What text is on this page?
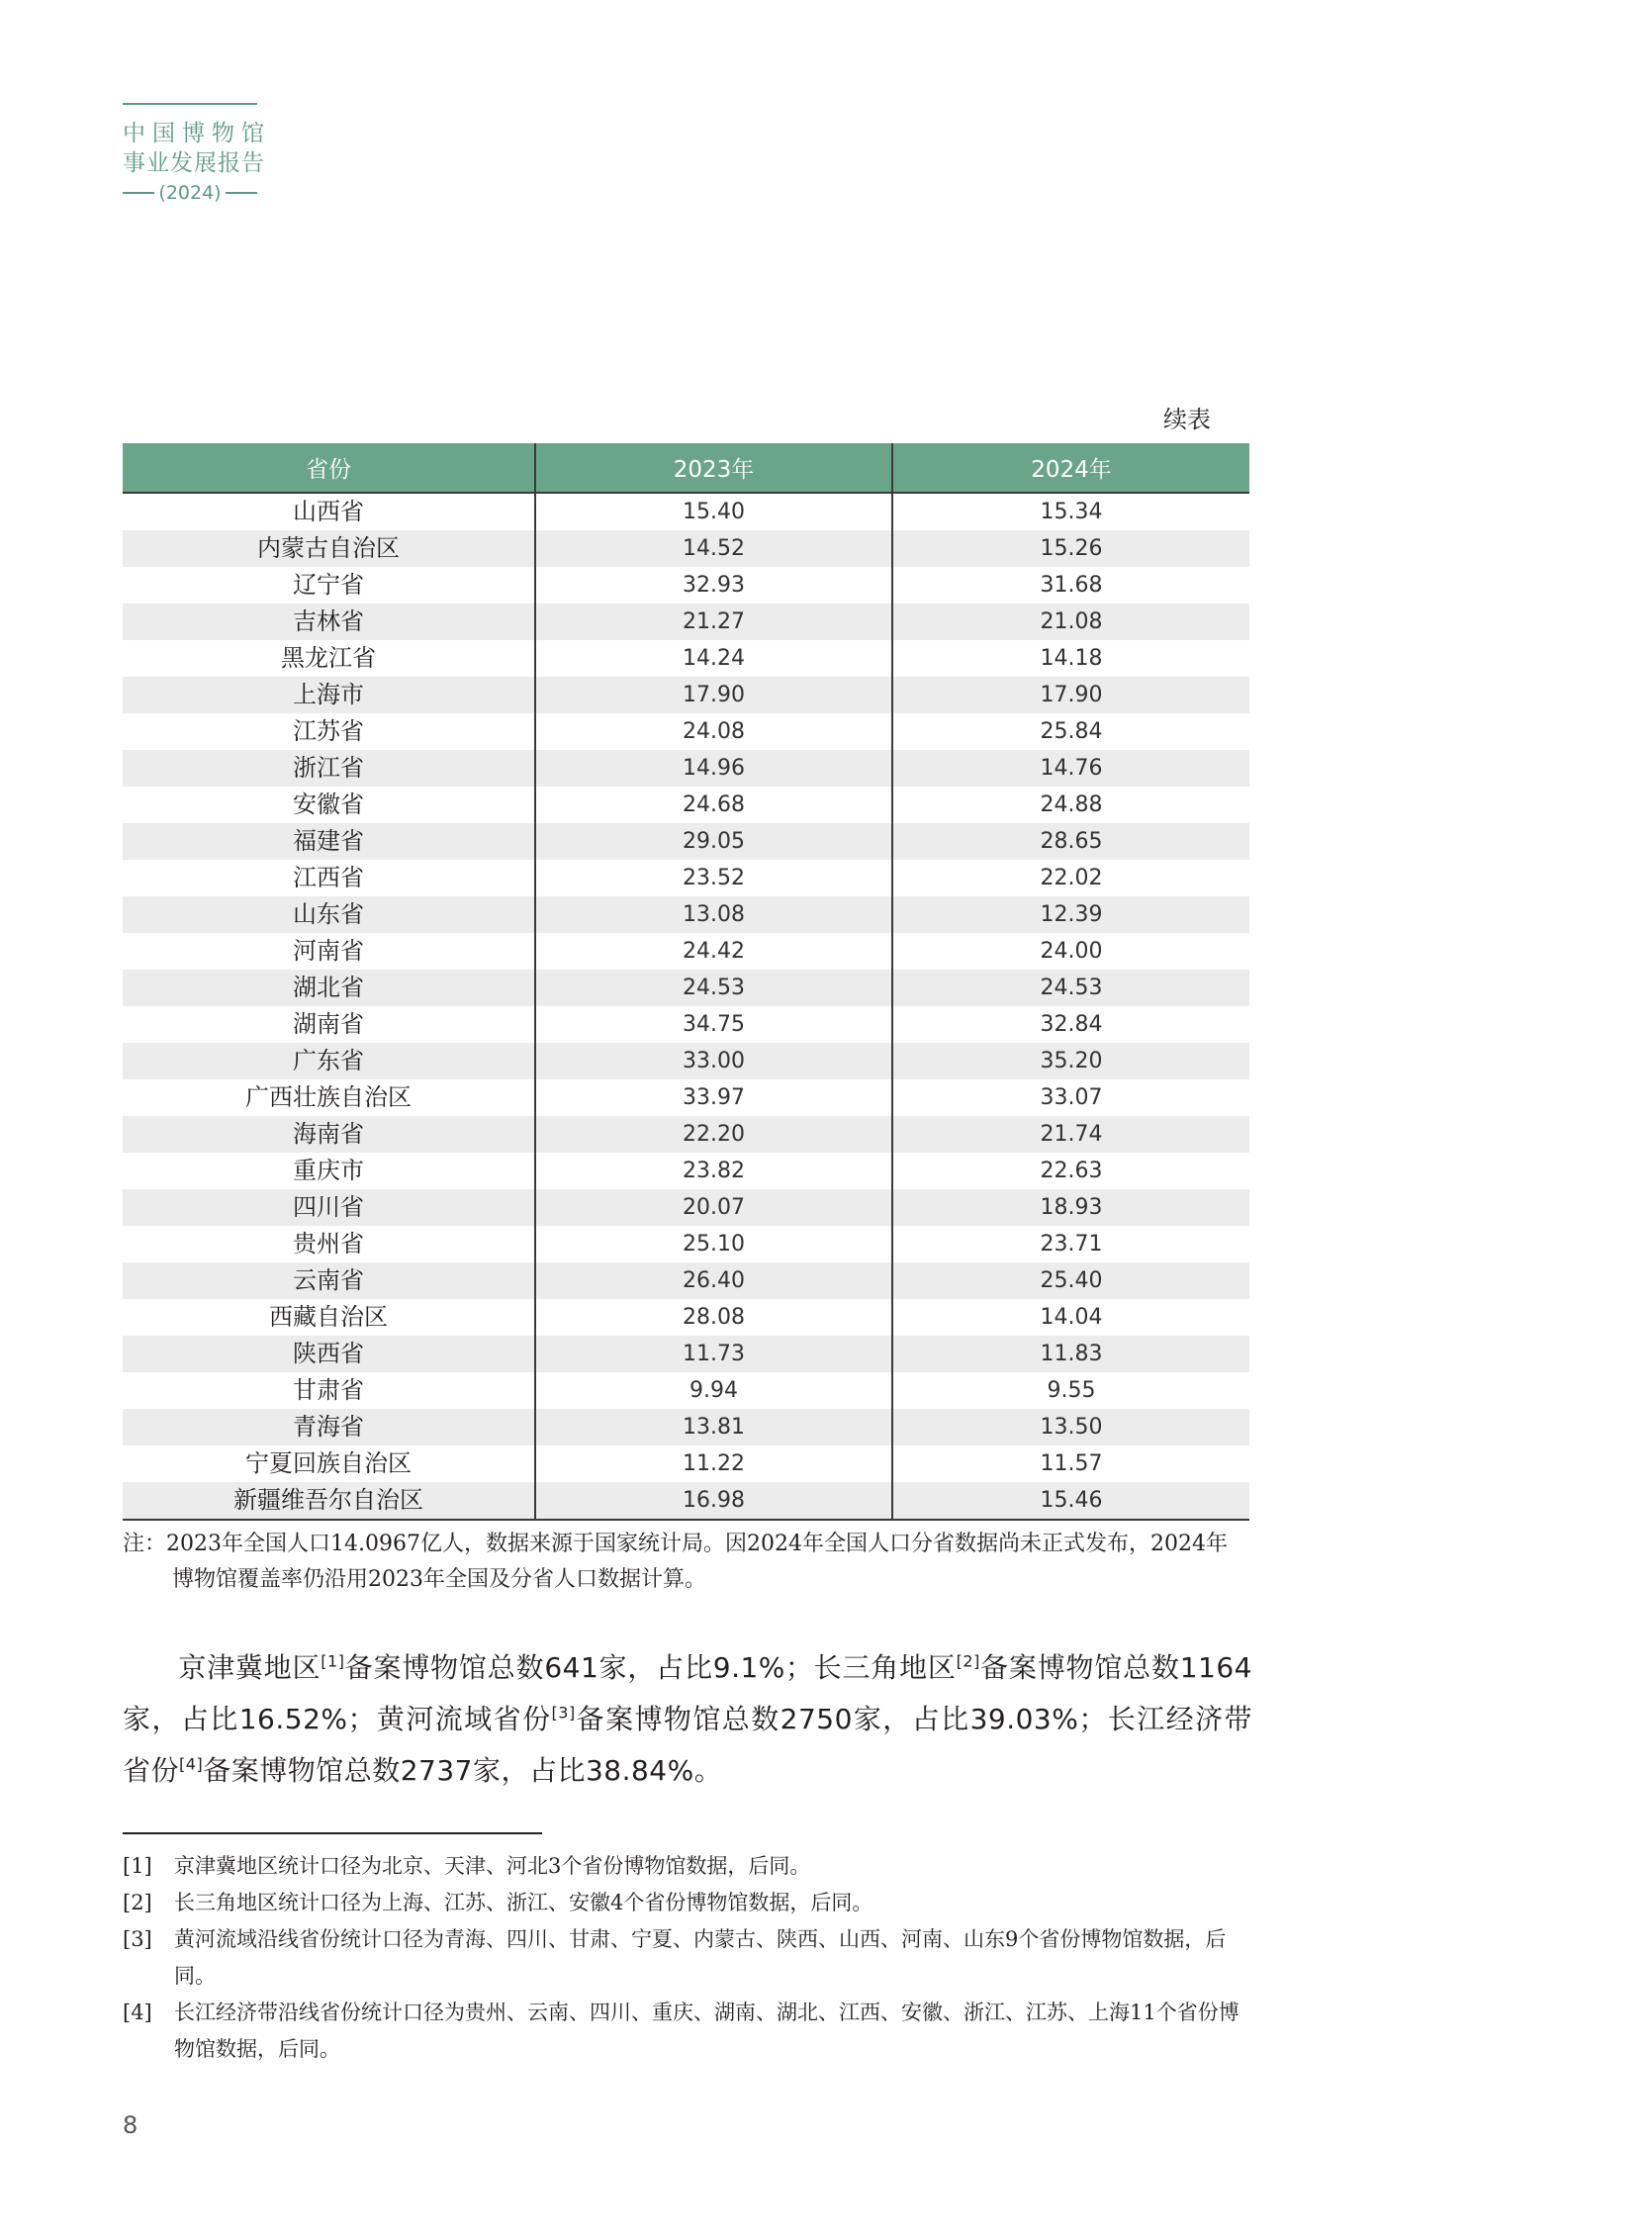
中国博物馆
事业发展报告
(2024)
续表
省份	2023年	2024年
山西省	15.40	15.34
内蒙古自治区	14.52	15.26
辽宁省	32.93	31.68
吉林省	21.27	21.08
黑龙江省	14.24	14.18
上海市	17.90	17.90
江苏省	24.08	25.84
浙江省	14.96	14.76
安徽省	24.68	24.88
福建省	29.05	28.65
江西省	23.52	22.02
山东省	13.08	12.39
河南省	24.42	24.00
湖北省	24.53	24.53
湖南省	34.75	32.84
广东省	33.00	35.20
广西壮族自治区	33.97	33.07
海南省	22.20	21.74
重庆市	23.82	22.63
四川省	20.07	18.93
贵州省	25.10	23.71
云南省	26.40	25.40
西藏自治区	28.08	14.04
陕西省	11.73	11.83
甘肃省	9.94	9.55
青海省	13.81	13.50
宁夏回族自治区	11.22	11.57
新疆维吾尔自治区	16.98	15.46
注：2023年全国人口14.0967亿人，数据来源于国家统计局。因2024年全国人口分省数据尚未正式发布，2024年
博物馆覆盖率仍沿用2023年全国及分省人口数据计算。
京津冀地区[1]备案博物馆总数641家，占比9.1%；长三角地区[2]备案博物馆总数1164家，占比16.52%；黄河流域省份[3]备案博物馆总数2750家，占比39.03%；长江经济带省份[4]备案博物馆总数2737家，占比38.84%。
[1]	京津冀地区统计口径为北京、天津、河北3个省份博物馆数据，后同。
[2]	长三角地区统计口径为上海、江苏、浙江、安徽4个省份博物馆数据，后同。
[3]	黄河流域沿线省份统计口径为青海、四川、甘肃、宁夏、内蒙古、陕西、山西、河南、山东9个省份博物馆数据，后同。
[4]	长江经济带沿线省份统计口径为贵州、云南、四川、重庆、湖南、湖北、江西、安徽、浙江、江苏、上海11个省份博物馆数据，后同。
8
